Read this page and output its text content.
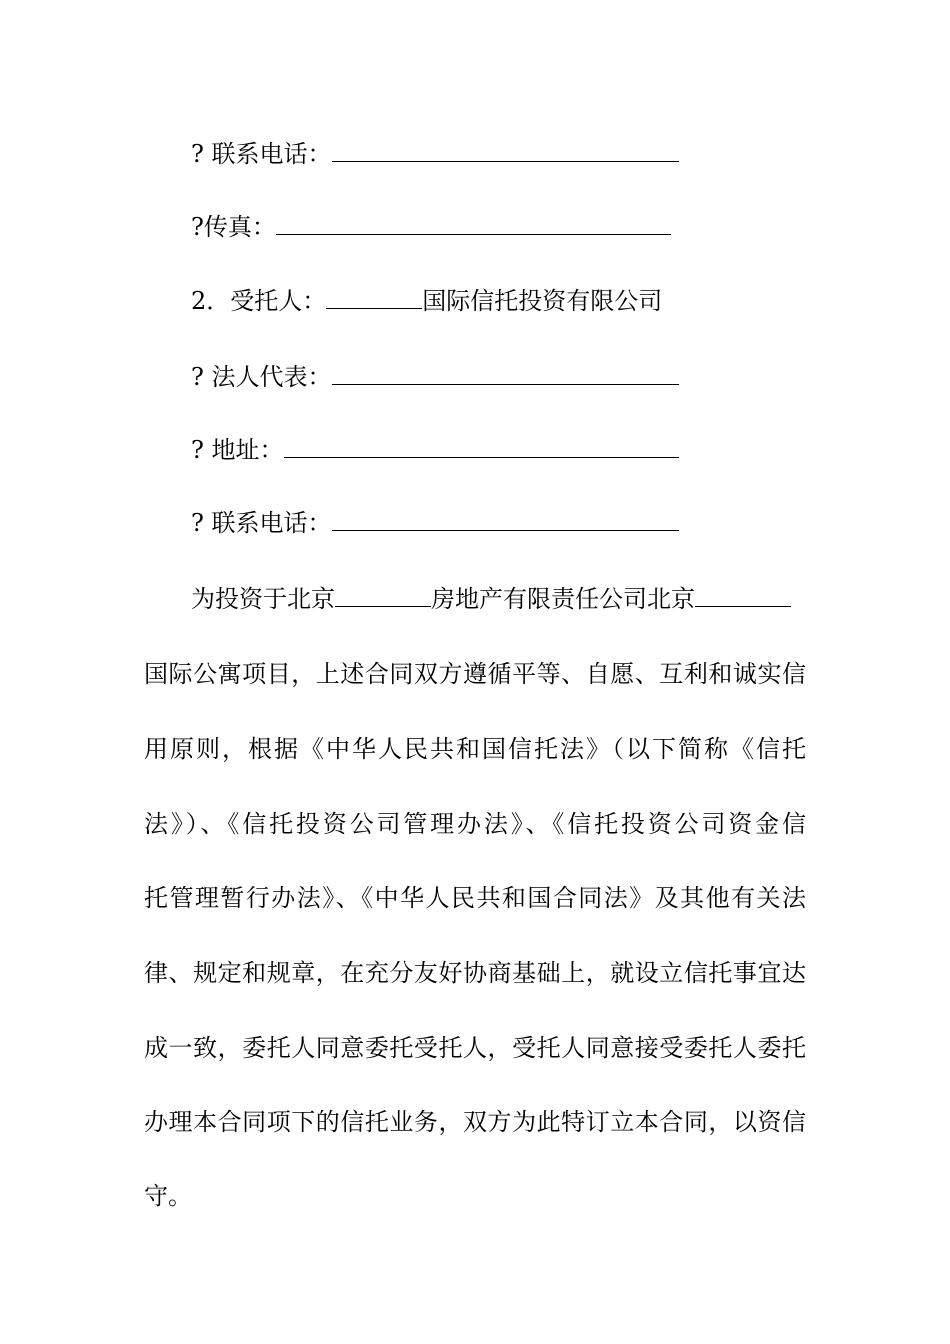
? 联系电话：
?传真：
2．受托人：	国际信托投资有限公司
? 法人代表：
? 地址：
? 联系电话：
为投资于北京	房地产有限责任公司北京
国际公寓项目，上述合同双方遵循平等、自愿、互利和诚实信
用原则，根据《中华人民共和国信托法》（以下简称《信托
法》）、《信托投资公司管理办法》、《信托投资公司资金信
托管理暂行办法》、《中华人民共和国合同法》及其他有关法
律、规定和规章，在充分友好协商基础上，就设立信托事宜达
成一致，委托人同意委托受托人，受托人同意接受委托人委托
办理本合同项下的信托业务，双方为此特订立本合同，以资信
守。
